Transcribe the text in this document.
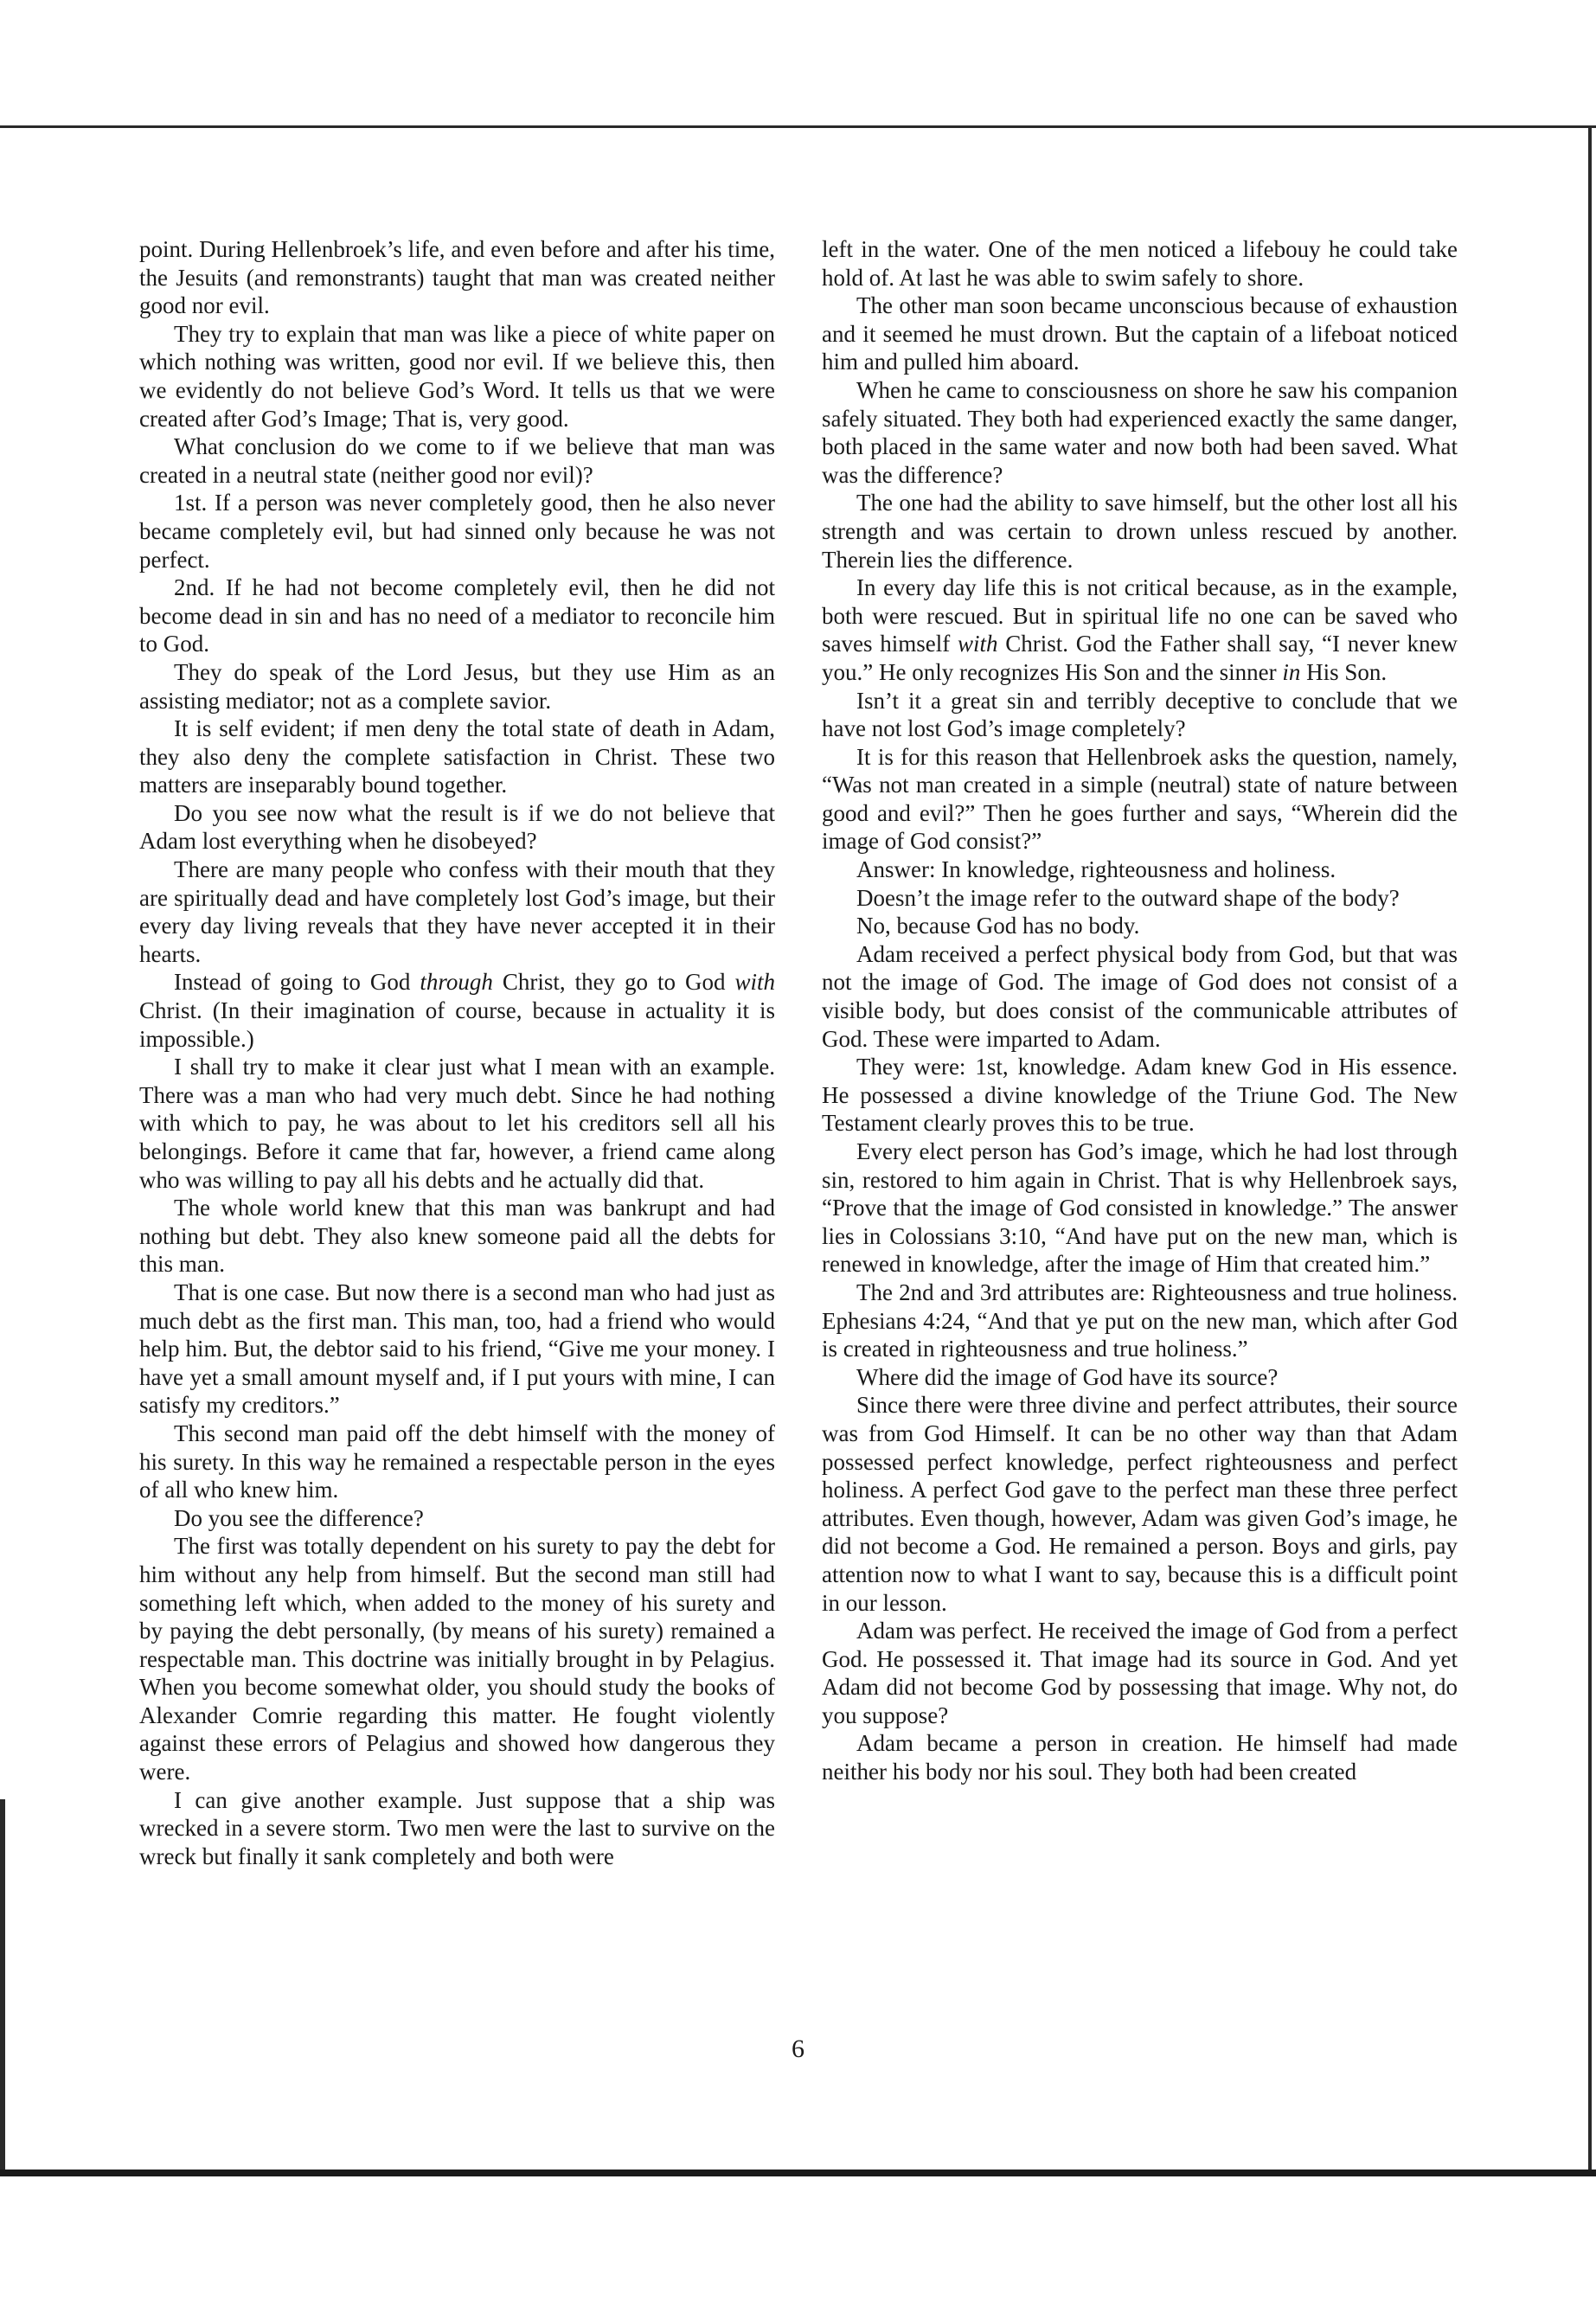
point. During Hellenbroek’s life, and even before and after his time, the Jesuits (and remonstrants) taught that man was created neither good nor evil.

They try to explain that man was like a piece of white paper on which nothing was written, good nor evil. If we believe this, then we evidently do not believe God’s Word. It tells us that we were created after God’s Image; That is, very good.

What conclusion do we come to if we believe that man was created in a neutral state (neither good nor evil)?

1st. If a person was never completely good, then he also never became completely evil, but had sinned only because he was not perfect.

2nd. If he had not become completely evil, then he did not become dead in sin and has no need of a mediator to reconcile him to God.

They do speak of the Lord Jesus, but they use Him as an assisting mediator; not as a complete savior.

It is self evident; if men deny the total state of death in Adam, they also deny the complete satisfaction in Christ. These two matters are inseparably bound together.

Do you see now what the result is if we do not believe that Adam lost everything when he disobeyed?

There are many people who confess with their mouth that they are spiritually dead and have completely lost God’s image, but their every day living reveals that they have never accepted it in their hearts.

Instead of going to God through Christ, they go to God with Christ. (In their imagination of course, because in actuality it is impossible.)

I shall try to make it clear just what I mean with an example. There was a man who had very much debt. Since he had nothing with which to pay, he was about to let his creditors sell all his belongings. Before it came that far, however, a friend came along who was willing to pay all his debts and he actually did that.

The whole world knew that this man was bankrupt and had nothing but debt. They also knew someone paid all the debts for this man.

That is one case. But now there is a second man who had just as much debt as the first man. This man, too, had a friend who would help him. But, the debtor said to his friend, “Give me your money. I have yet a small amount myself and, if I put yours with mine, I can satisfy my creditors.”

This second man paid off the debt himself with the money of his surety. In this way he remained a respectable person in the eyes of all who knew him.

Do you see the difference?

The first was totally dependent on his surety to pay the debt for him without any help from himself. But the second man still had something left which, when added to the money of his surety and by paying the debt personally, (by means of his surety) remained a respectable man. This doctrine was initially brought in by Pelagius. When you become somewhat older, you should study the books of Alexander Comrie regarding this matter. He fought violently against these errors of Pelagius and showed how dangerous they were.

I can give another example. Just suppose that a ship was wrecked in a severe storm. Two men were the last to survive on the wreck but finally it sank completely and both were

left in the water. One of the men noticed a lifebouy he could take hold of. At last he was able to swim safely to shore.

The other man soon became unconscious because of exhaustion and it seemed he must drown. But the captain of a lifeboat noticed him and pulled him aboard.

When he came to consciousness on shore he saw his companion safely situated. They both had experienced exactly the same danger, both placed in the same water and now both had been saved. What was the difference?

The one had the ability to save himself, but the other lost all his strength and was certain to drown unless rescued by another. Therein lies the difference.

In every day life this is not critical because, as in the example, both were rescued. But in spiritual life no one can be saved who saves himself with Christ. God the Father shall say, “I never knew you.” He only recognizes His Son and the sinner in His Son.

Isn’t it a great sin and terribly deceptive to conclude that we have not lost God’s image completely?

It is for this reason that Hellenbroek asks the question, namely, “Was not man created in a simple (neutral) state of nature between good and evil?” Then he goes further and says, “Wherein did the image of God consist?”

Answer: In knowledge, righteousness and holiness.

Doesn’t the image refer to the outward shape of the body?

No, because God has no body.

Adam received a perfect physical body from God, but that was not the image of God. The image of God does not consist of a visible body, but does consist of the communicable attributes of God. These were imparted to Adam.

They were: 1st, knowledge. Adam knew God in His essence. He possessed a divine knowledge of the Triune God. The New Testament clearly proves this to be true.

Every elect person has God’s image, which he had lost through sin, restored to him again in Christ. That is why Hellenbroek says, “Prove that the image of God consisted in knowledge.” The answer lies in Colossians 3:10, “And have put on the new man, which is renewed in knowledge, after the image of Him that created him.”

The 2nd and 3rd attributes are: Righteousness and true holiness. Ephesians 4:24, “And that ye put on the new man, which after God is created in righteousness and true holiness.”

Where did the image of God have its source?

Since there were three divine and perfect attributes, their source was from God Himself. It can be no other way than that Adam possessed perfect knowledge, perfect righteousness and perfect holiness. A perfect God gave to the perfect man these three perfect attributes. Even though, however, Adam was given God’s image, he did not become a God. He remained a person. Boys and girls, pay attention now to what I want to say, because this is a difficult point in our lesson.

Adam was perfect. He received the image of God from a perfect God. He possessed it. That image had its source in God. And yet Adam did not become God by possessing that image. Why not, do you suppose?

Adam became a person in creation. He himself had made neither his body nor his soul. They both had been created

6
